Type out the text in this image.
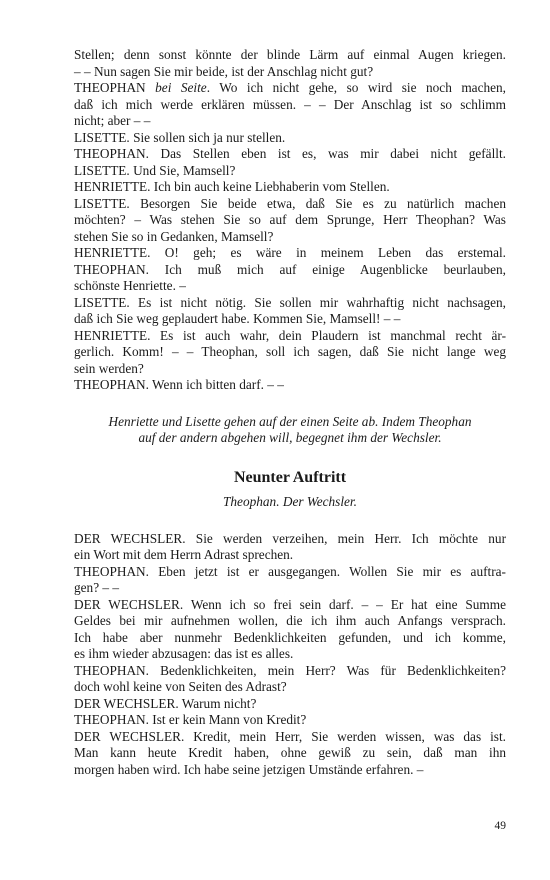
Stellen; denn sonst könnte der blinde Lärm auf einmal Augen kriegen.
– – Nun sagen Sie mir beide, ist der Anschlag nicht gut?
THEOPHAN bei Seite. Wo ich nicht gehe, so wird sie noch machen,
daß ich mich werde erklären müssen. – – Der Anschlag ist so schlimm
nicht; aber – –
LISETTE. Sie sollen sich ja nur stellen.
THEOPHAN. Das Stellen eben ist es, was mir dabei nicht gefällt.
LISETTE. Und Sie, Mamsell?
HENRIETTE. Ich bin auch keine Liebhaberin vom Stellen.
LISETTE. Besorgen Sie beide etwa, daß Sie es zu natürlich machen
möchten? – Was stehen Sie so auf dem Sprunge, Herr Theophan? Was
stehen Sie so in Gedanken, Mamsell?
HENRIETTE. O! geh; es wäre in meinem Leben das erstemal.
THEOPHAN. Ich muß mich auf einige Augenblicke beurlauben,
schönste Henriette. –
LISETTE. Es ist nicht nötig. Sie sollen mir wahrhaftig nicht nachsagen,
daß ich Sie weg geplaudert habe. Kommen Sie, Mamsell! – –
HENRIETTE. Es ist auch wahr, dein Plaudern ist manchmal recht är-
gerlich. Komm! – – Theophan, soll ich sagen, daß Sie nicht lange weg
sein werden?
THEOPHAN. Wenn ich bitten darf. – –
Henriette und Lisette gehen auf der einen Seite ab. Indem Theophan
auf der andern abgehen will, begegnet ihm der Wechsler.
Neunter Auftritt
Theophan. Der Wechsler.
DER WECHSLER. Sie werden verzeihen, mein Herr. Ich möchte nur
ein Wort mit dem Herrn Adrast sprechen.
THEOPHAN. Eben jetzt ist er ausgegangen. Wollen Sie mir es auftra-
gen? – –
DER WECHSLER. Wenn ich so frei sein darf. – – Er hat eine Summe
Geldes bei mir aufnehmen wollen, die ich ihm auch Anfangs versprach.
Ich habe aber nunmehr Bedenklichkeiten gefunden, und ich komme,
es ihm wieder abzusagen: das ist es alles.
THEOPHAN. Bedenklichkeiten, mein Herr? Was für Bedenklichkeiten?
doch wohl keine von Seiten des Adrast?
DER WECHSLER. Warum nicht?
THEOPHAN. Ist er kein Mann von Kredit?
DER WECHSLER. Kredit, mein Herr, Sie werden wissen, was das ist.
Man kann heute Kredit haben, ohne gewiß zu sein, daß man ihn
morgen haben wird. Ich habe seine jetzigen Umstände erfahren. –
49
